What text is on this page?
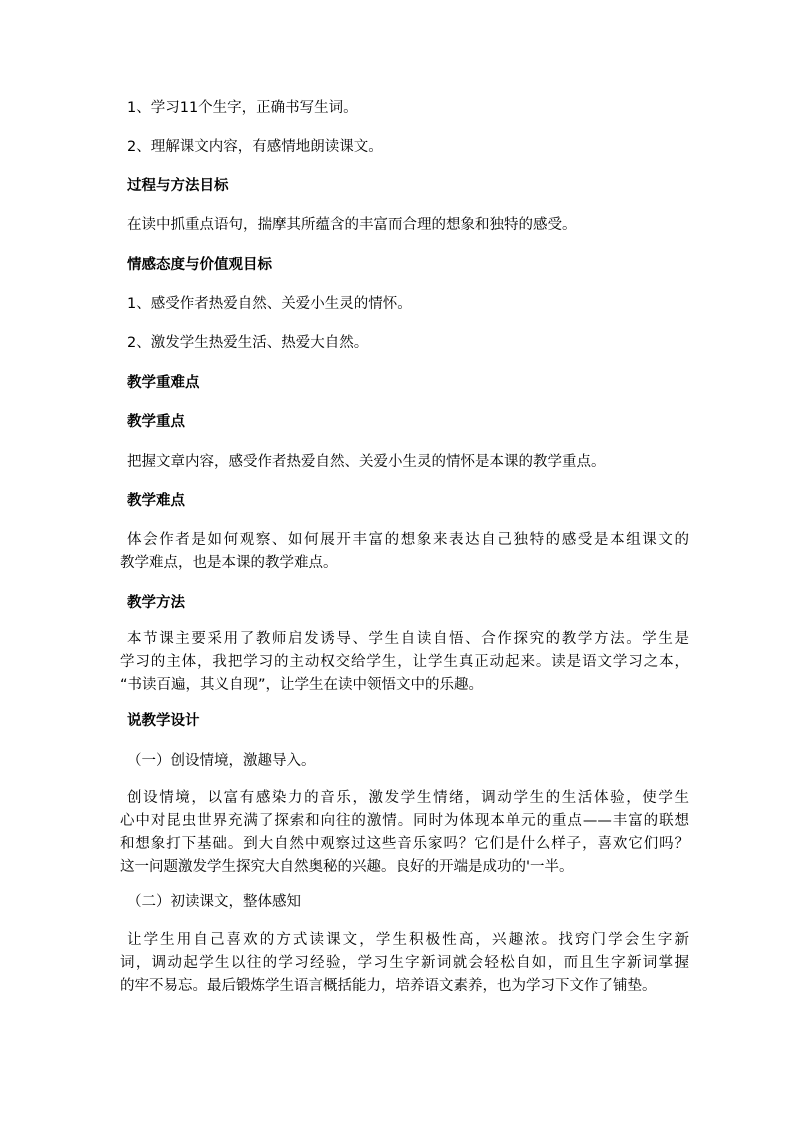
1、学习11个生字，正确书写生词。
2、理解课文内容，有感情地朗读课文。
过程与方法目标
在读中抓重点语句，揣摩其所蕴含的丰富而合理的想象和独特的感受。
情感态度与价值观目标
1、感受作者热爱自然、关爱小生灵的情怀。
2、激发学生热爱生活、热爱大自然。
教学重难点
教学重点
把握文章内容，感受作者热爱自然、关爱小生灵的情怀是本课的教学重点。
教学难点
体会作者是如何观察、如何展开丰富的想象来表达自己独特的感受是本组课文的
教学难点，也是本课的教学难点。
教学方法
本节课主要采用了教师启发诱导、学生自读自悟、合作探究的教学方法。学生是
学习的主体，我把学习的主动权交给学生，让学生真正动起来。读是语文学习之本，
“书读百遍，其义自现”，让学生在读中领悟文中的乐趣。
说教学设计
（一）创设情境，激趣导入。
创设情境，以富有感染力的音乐，激发学生情绪，调动学生的生活体验，使学生
心中对昆虫世界充满了探索和向往的激情。同时为体现本单元的重点——丰富的联想
和想象打下基础。到大自然中观察过这些音乐家吗？它们是什么样子，喜欢它们吗？
这一问题激发学生探究大自然奥秘的兴趣。良好的开端是成功的'一半。
（二）初读课文，整体感知
让学生用自己喜欢的方式读课文，学生积极性高，兴趣浓。找窍门学会生字新
词，调动起学生以往的学习经验，学习生字新词就会轻松自如，而且生字新词掌握
的牢不易忘。最后锻炼学生语言概括能力，培养语文素养，也为学习下文作了铺垫。
